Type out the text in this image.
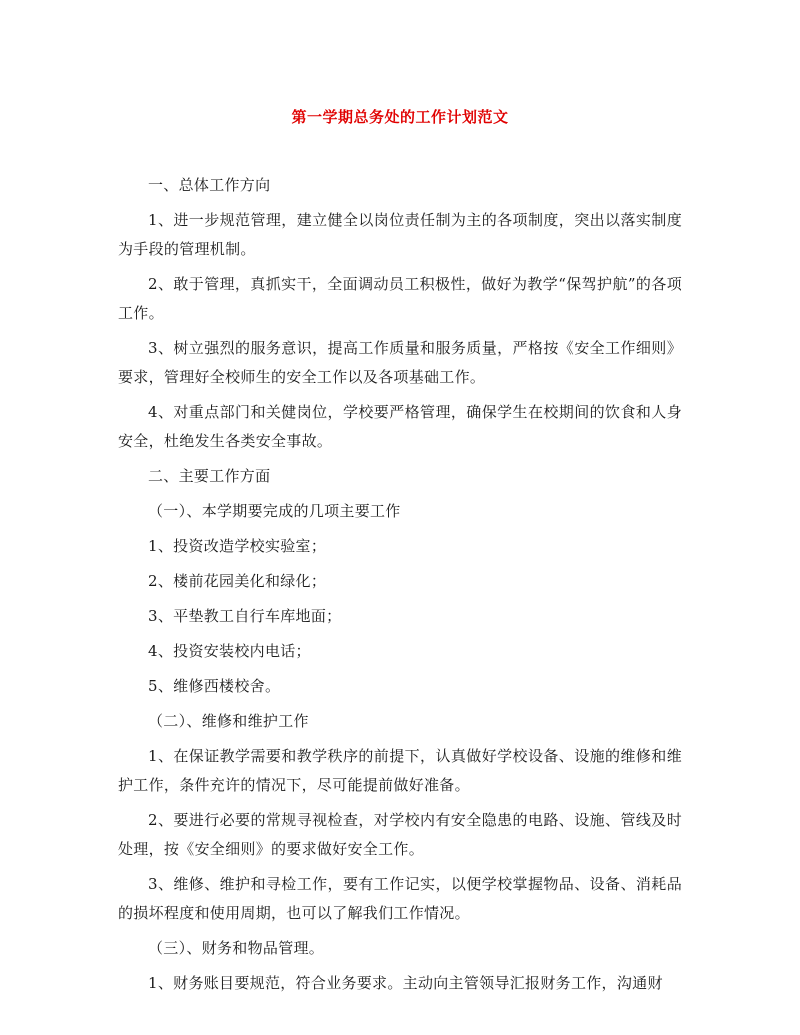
第一学期总务处的工作计划范文

一、总体工作方向

1、进一步规范管理，建立健全以岗位责任制为主的各项制度，突出以落实制度为手段的管理机制。

2、敢于管理，真抓实干，全面调动员工积极性，做好为教学“保驾护航”的各项工作。

3、树立强烈的服务意识，提高工作质量和服务质量，严格按《安全工作细则》要求，管理好全校师生的安全工作以及各项基础工作。

4、对重点部门和关健岗位，学校要严格管理，确保学生在校期间的饮食和人身安全，杜绝发生各类安全事故。

二、主要工作方面

（一）、本学期要完成的几项主要工作

1、投资改造学校实验室；

2、楼前花园美化和绿化；

3、平垫教工自行车库地面；

4、投资安装校内电话；

5、维修西楼校舍。

（二）、维修和维护工作

1、在保证教学需要和教学秩序的前提下，认真做好学校设备、设施的维修和维护工作，条件充许的情况下，尽可能提前做好准备。

2、要进行必要的常规寻视检查，对学校内有安全隐患的电路、设施、管线及时处理，按《安全细则》的要求做好安全工作。

3、维修、维护和寻检工作，要有工作记实，以便学校掌握物品、设备、消耗品的损坏程度和使用周期，也可以了解我们工作情况。

（三）、财务和物品管理。

1、财务账目要规范，符合业务要求。主动向主管领导汇报财务工作，沟通财
